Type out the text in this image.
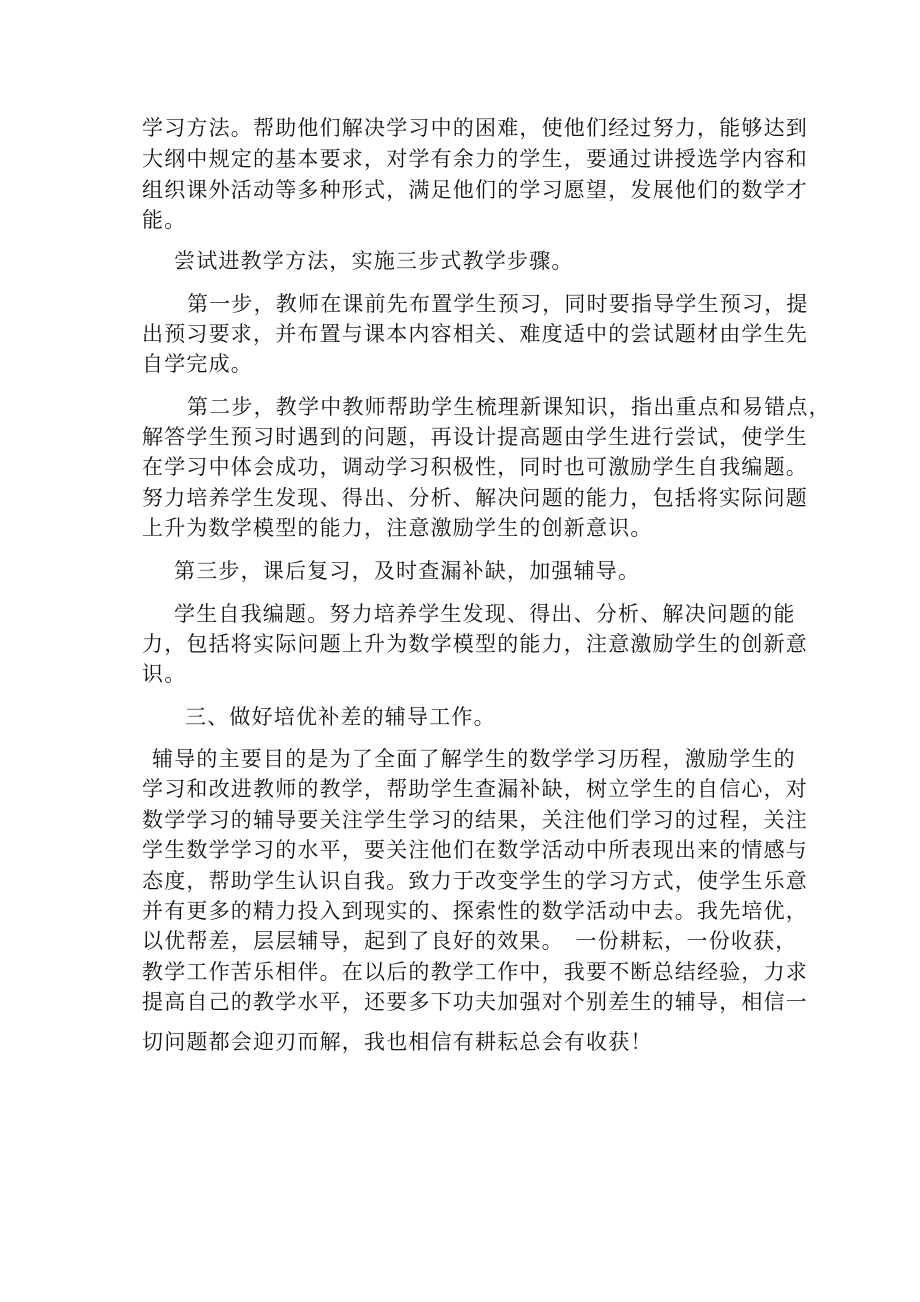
学习方法。帮助他们解决学习中的困难，使他们经过努力，能够达到
大纲中规定的基本要求，对学有余力的学生，要通过讲授选学内容和
组织课外活动等多种形式，满足他们的学习愿望，发展他们的数学才
能。
尝试进教学方法，实施三步式教学步骤。
第一步，教师在课前先布置学生预习，同时要指导学生预习，提
出预习要求，并布置与课本内容相关、难度适中的尝试题材由学生先
自学完成。
第二步，教学中教师帮助学生梳理新课知识，指出重点和易错点，
解答学生预习时遇到的问题，再设计提高题由学生进行尝试，使学生
在学习中体会成功，调动学习积极性，同时也可激励学生自我编题。
努力培养学生发现、得出、分析、解决问题的能力，包括将实际问题
上升为数学模型的能力，注意激励学生的创新意识。
第三步，课后复习，及时查漏补缺，加强辅导。
学生自我编题。努力培养学生发现、得出、分析、解决问题的能
力，包括将实际问题上升为数学模型的能力，注意激励学生的创新意
识。
三、做好培优补差的辅导工作。
辅导的主要目的是为了全面了解学生的数学学习历程，激励学生的
学习和改进教师的教学，帮助学生查漏补缺，树立学生的自信心，对
数学学习的辅导要关注学生学习的结果，关注他们学习的过程，关注
学生数学学习的水平，要关注他们在数学活动中所表现出来的情感与
态度，帮助学生认识自我。致力于改变学生的学习方式，使学生乐意
并有更多的精力投入到现实的、探索性的数学活动中去。我先培优，
以优帮差，层层辅导，起到了良好的效果。　一份耕耘，一份收获，
教学工作苦乐相伴。在以后的教学工作中，我要不断总结经验，力求
提高自己的教学水平，还要多下功夫加强对个别差生的辅导，相信一
切问题都会迎刃而解，我也相信有耕耘总会有收获！
